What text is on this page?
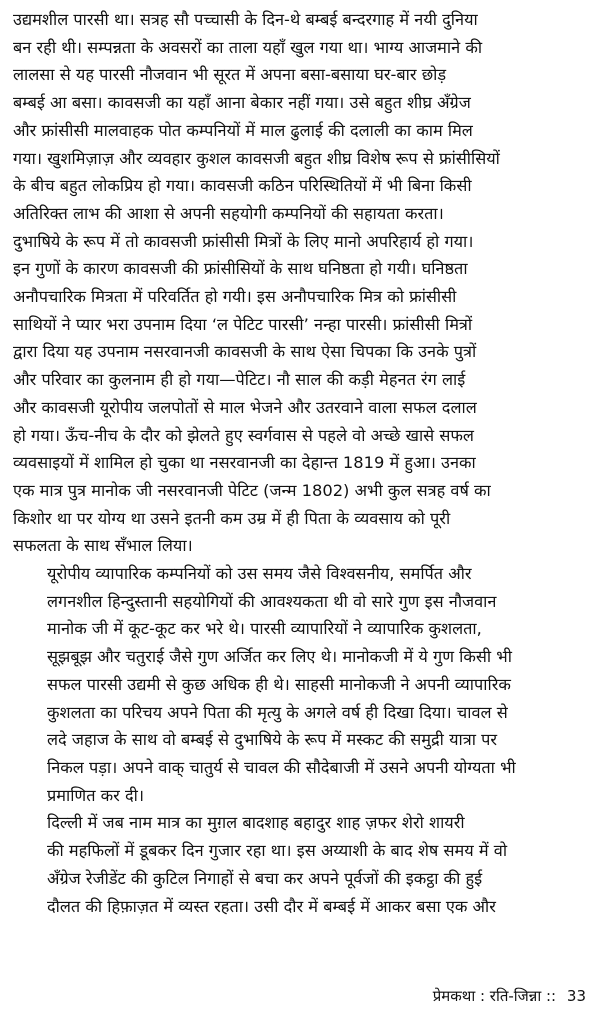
उद्यमशील पारसी था। सत्रह सौ पच्चासी के दिन-थे बम्बई बन्दरगाह में नयी दुनिया
बन रही थी। सम्पन्नता के अवसरों का ताला यहाँ खुल गया था। भाग्य आजमाने की
लालसा से यह पारसी नौजवान भी सूरत में अपना बसा-बसाया घर-बार छोड़
बम्बई आ बसा। कावसजी का यहाँ आना बेकार नहीं गया। उसे बहुत शीघ्र अँग्रेज
और फ्रांसीसी मालवाहक पोत कम्पनियों में माल ढुलाई की दलाली का काम मिल
गया। खुशमिज़ाज़ और व्यवहार कुशल कावसजी बहुत शीघ्र विशेष रूप से फ्रांसीसियों
के बीच बहुत लोकप्रिय हो गया। कावसजी कठिन परिस्थितियों में भी बिना किसी
अतिरिक्त लाभ की आशा से अपनी सहयोगी कम्पनियों की सहायता करता।
दुभाषिये के रूप में तो कावसजी फ्रांसीसी मित्रों के लिए मानो अपरिहार्य हो गया।
इन गुणों के कारण कावसजी की फ्रांसीसियों के साथ घनिष्ठता हो गयी। घनिष्ठता
अनौपचारिक मित्रता में परिवर्तित हो गयी। इस अनौपचारिक मित्र को फ्रांसीसी
साथियों ने प्यार भरा उपनाम दिया ‘ल पेटिट पारसी’ नन्हा पारसी। फ्रांसीसी मित्रों
द्वारा दिया यह उपनाम नसरवानजी कावसजी के साथ ऐसा चिपका कि उनके पुत्रों
और परिवार का कुलनाम ही हो गया—पेटिट। नौ साल की कड़ी मेहनत रंग लाई
और कावसजी यूरोपीय जलपोतों से माल भेजने और उतरवाने वाला सफल दलाल
हो गया। ऊँच-नीच के दौर को झेलते हुए स्वर्गवास से पहले वो अच्छे खासे सफल
व्यवसाइयों में शामिल हो चुका था नसरवानजी का देहान्त 1819 में हुआ। उनका
एक मात्र पुत्र मानोक जी नसरवानजी पेटिट (जन्म 1802) अभी कुल सत्रह वर्ष का
किशोर था पर योग्य था उसने इतनी कम उम्र में ही पिता के व्यवसाय को पूरी
सफलता के साथ सँभाल लिया।

यूरोपीय व्यापारिक कम्पनियों को उस समय जैसे विश्वसनीय, समर्पित और
लगनशील हिन्दुस्तानी सहयोगियों की आवश्यकता थी वो सारे गुण इस नौजवान
मानोक जी में कूट-कूट कर भरे थे। पारसी व्यापारियों ने व्यापारिक कुशलता,
सूझबूझ और चतुराई जैसे गुण अर्जित कर लिए थे। मानोकजी में ये गुण किसी भी
सफल पारसी उद्यमी से कुछ अधिक ही थे। साहसी मानोकजी ने अपनी व्यापारिक
कुशलता का परिचय अपने पिता की मृत्यु के अगले वर्ष ही दिखा दिया। चावल से
लदे जहाज के साथ वो बम्बई से दुभाषिये के रूप में मस्कट की समुद्री यात्रा पर
निकल पड़ा। अपने वाक् चातुर्य से चावल की सौदेबाजी में उसने अपनी योग्यता भी
प्रमाणित कर दी।

दिल्ली में जब नाम मात्र का मुग़ल बादशाह बहादुर शाह ज़फर शेरो शायरी
की महफिलों में डूबकर दिन गुजार रहा था। इस अय्याशी के बाद शेष समय में वो
अँग्रेज रेजीडेंट की कुटिल निगाहों से बचा कर अपने पूर्वजों की इकट्ठा की हुई
दौलत की हिफ़ाज़त में व्यस्त रहता। उसी दौर में बम्बई में आकर बसा एक और

प्रेमकथा : रति-जिन्ना :: 33
